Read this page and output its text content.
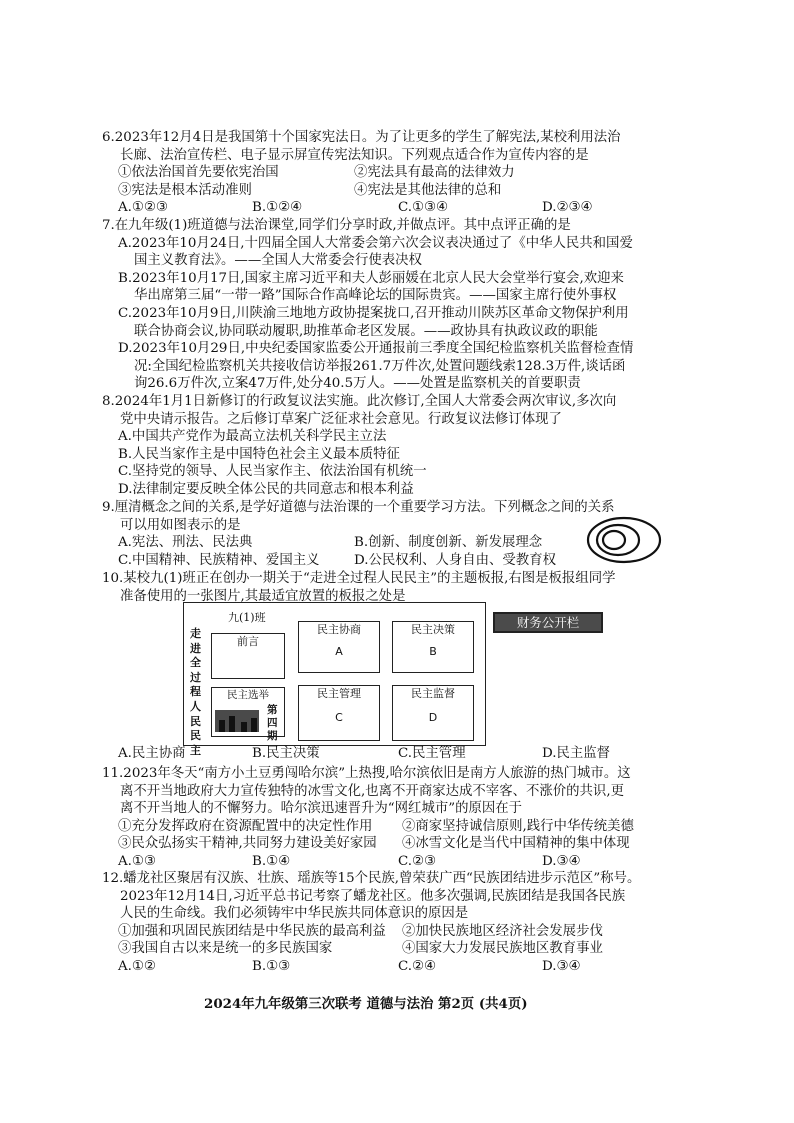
6.2023年12月4日是我国第十个国家宪法日。为了让更多的学生了解宪法,某校利用法治
长廊、法治宣传栏、电子显示屏宣传宪法知识。下列观点适合作为宣传内容的是
①依法治国首先要依宪治国	②宪法具有最高的法律效力
③宪法是根本活动准则	④宪法是其他法律的总和
A.①②③	B.①②④	C.①③④	D.②③④
7.在九年级(1)班道德与法治课堂,同学们分享时政,并做点评。其中点评正确的是
A.2023年10月24日,十四届全国人大常委会第六次会议表决通过了《中华人民共和国爱
国主义教育法》。——全国人大常委会行使表决权
B.2023年10月17日,国家主席习近平和夫人彭丽媛在北京人民大会堂举行宴会,欢迎来
华出席第三届“一带一路”国际合作高峰论坛的国际贵宾。——国家主席行使外事权
C.2023年10月9日,川陕渝三地地方政协提案拢口,召开推动川陕苏区革命文物保护利用
联合协商会议,协同联动履职,助推革命老区发展。——政协具有执政议政的职能
D.2023年10月29日,中央纪委国家监委公开通报前三季度全国纪检监察机关监督检查情
况:全国纪检监察机关共接收信访举报261.7万件次,处置问题线索128.3万件,谈话函
询26.6万件次,立案47万件,处分40.5万人。——处置是监察机关的首要职责
8.2024年1月1日新修订的行政复议法实施。此次修订,全国人大常委会两次审议,多次向
党中央请示报告。之后修订草案广泛征求社会意见。行政复议法修订体现了
A.中国共产党作为最高立法机关科学民主立法
B.人民当家作主是中国特色社会主义最本质特征
C.坚持党的领导、人民当家作主、依法治国有机统一
D.法律制定要反映全体公民的共同意志和根本利益
9.厘清概念之间的关系,是学好道德与法治课的一个重要学习方法。下列概念之间的关系
可以用如图表示的是
A.宪法、刑法、民法典	B.创新、制度创新、新发展理念
C.中国精神、民族精神、爱国主义	D.公民权利、人身自由、受教育权
10.某校九(1)班正在创办一期关于“走进全过程人民民主”的主题板报,右图是板报组同学
准备使用的一张图片,其最适宜放置的板报之处是
九(1)班
走进全过程人民民主
前言
民主选举
第四期
民主协商
A
民主决策
B
民主管理
C
民主监督
D
财务公开栏
A.民主协商	B.民主决策	C.民主管理	D.民主监督
11.2023年冬天“南方小土豆勇闯哈尔滨”上热搜,哈尔滨依旧是南方人旅游的热门城市。这
离不开当地政府大力宣传独特的冰雪文化,也离不开商家达成不宰客、不涨价的共识,更
离不开当地人的不懈努力。哈尔滨迅速晋升为“网红城市”的原因在于
①充分发挥政府在资源配置中的决定性作用 ②商家坚持诚信原则,践行中华传统美德
③民众弘扬实干精神,共同努力建设美好家园 ④冰雪文化是当代中国精神的集中体现
A.①③	B.①④	C.②③	D.③④
12.蟠龙社区聚居有汉族、壮族、瑶族等15个民族,曾荣获广西“民族团结进步示范区”称号。
2023年12月14日,习近平总书记考察了蟠龙社区。他多次强调,民族团结是我国各民族
人民的生命线。我们必须铸牢中华民族共同体意识的原因是
①加强和巩固民族团结是中华民族的最高利益 ②加快民族地区经济社会发展步伐
③我国自古以来是统一的多民族国家	④国家大力发展民族地区教育事业
A.①②	B.①③	C.②④	D.③④
2024年九年级第三次联考 道德与法治 第2页 (共4页)
